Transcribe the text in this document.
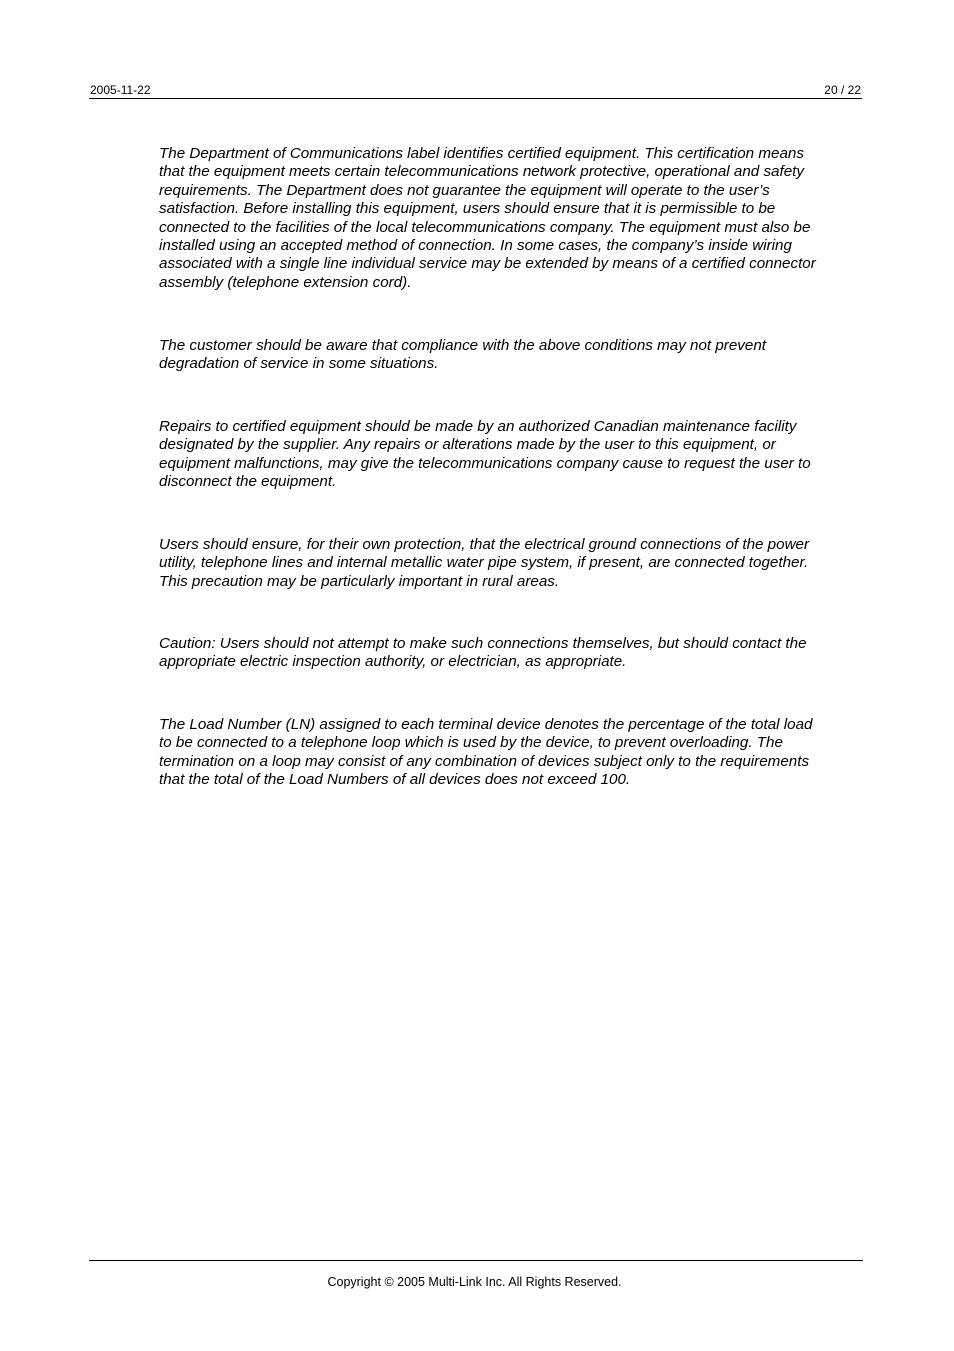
2005-11-22	20 / 22

The Department of Communications label identifies certified equipment. This certification means
that the equipment meets certain telecommunications network protective, operational and safety
requirements. The Department does not guarantee the equipment will operate to the user’s
satisfaction. Before installing this equipment, users should ensure that it is permissible to be
connected to the facilities of the local telecommunications company. The equipment must also be
installed using an accepted method of connection. In some cases, the company’s inside wiring
associated with a single line individual service may be extended by means of a certified connector
assembly (telephone extension cord).

The customer should be aware that compliance with the above conditions may not prevent
degradation of service in some situations.

Repairs to certified equipment should be made by an authorized Canadian maintenance facility
designated by the supplier. Any repairs or alterations made by the user to this equipment, or
equipment malfunctions, may give the telecommunications company cause to request the user to
disconnect the equipment.

Users should ensure, for their own protection, that the electrical ground connections of the power
utility, telephone lines and internal metallic water pipe system, if present, are connected together.
This precaution may be particularly important in rural areas.

Caution: Users should not attempt to make such connections themselves, but should contact the
appropriate electric inspection authority, or electrician, as appropriate.

The Load Number (LN) assigned to each terminal device denotes the percentage of the total load
to be connected to a telephone loop which is used by the device, to prevent overloading. The
termination on a loop may consist of any combination of devices subject only to the requirements
that the total of the Load Numbers of all devices does not exceed 100.

Copyright © 2005 Multi-Link Inc. All Rights Reserved.
